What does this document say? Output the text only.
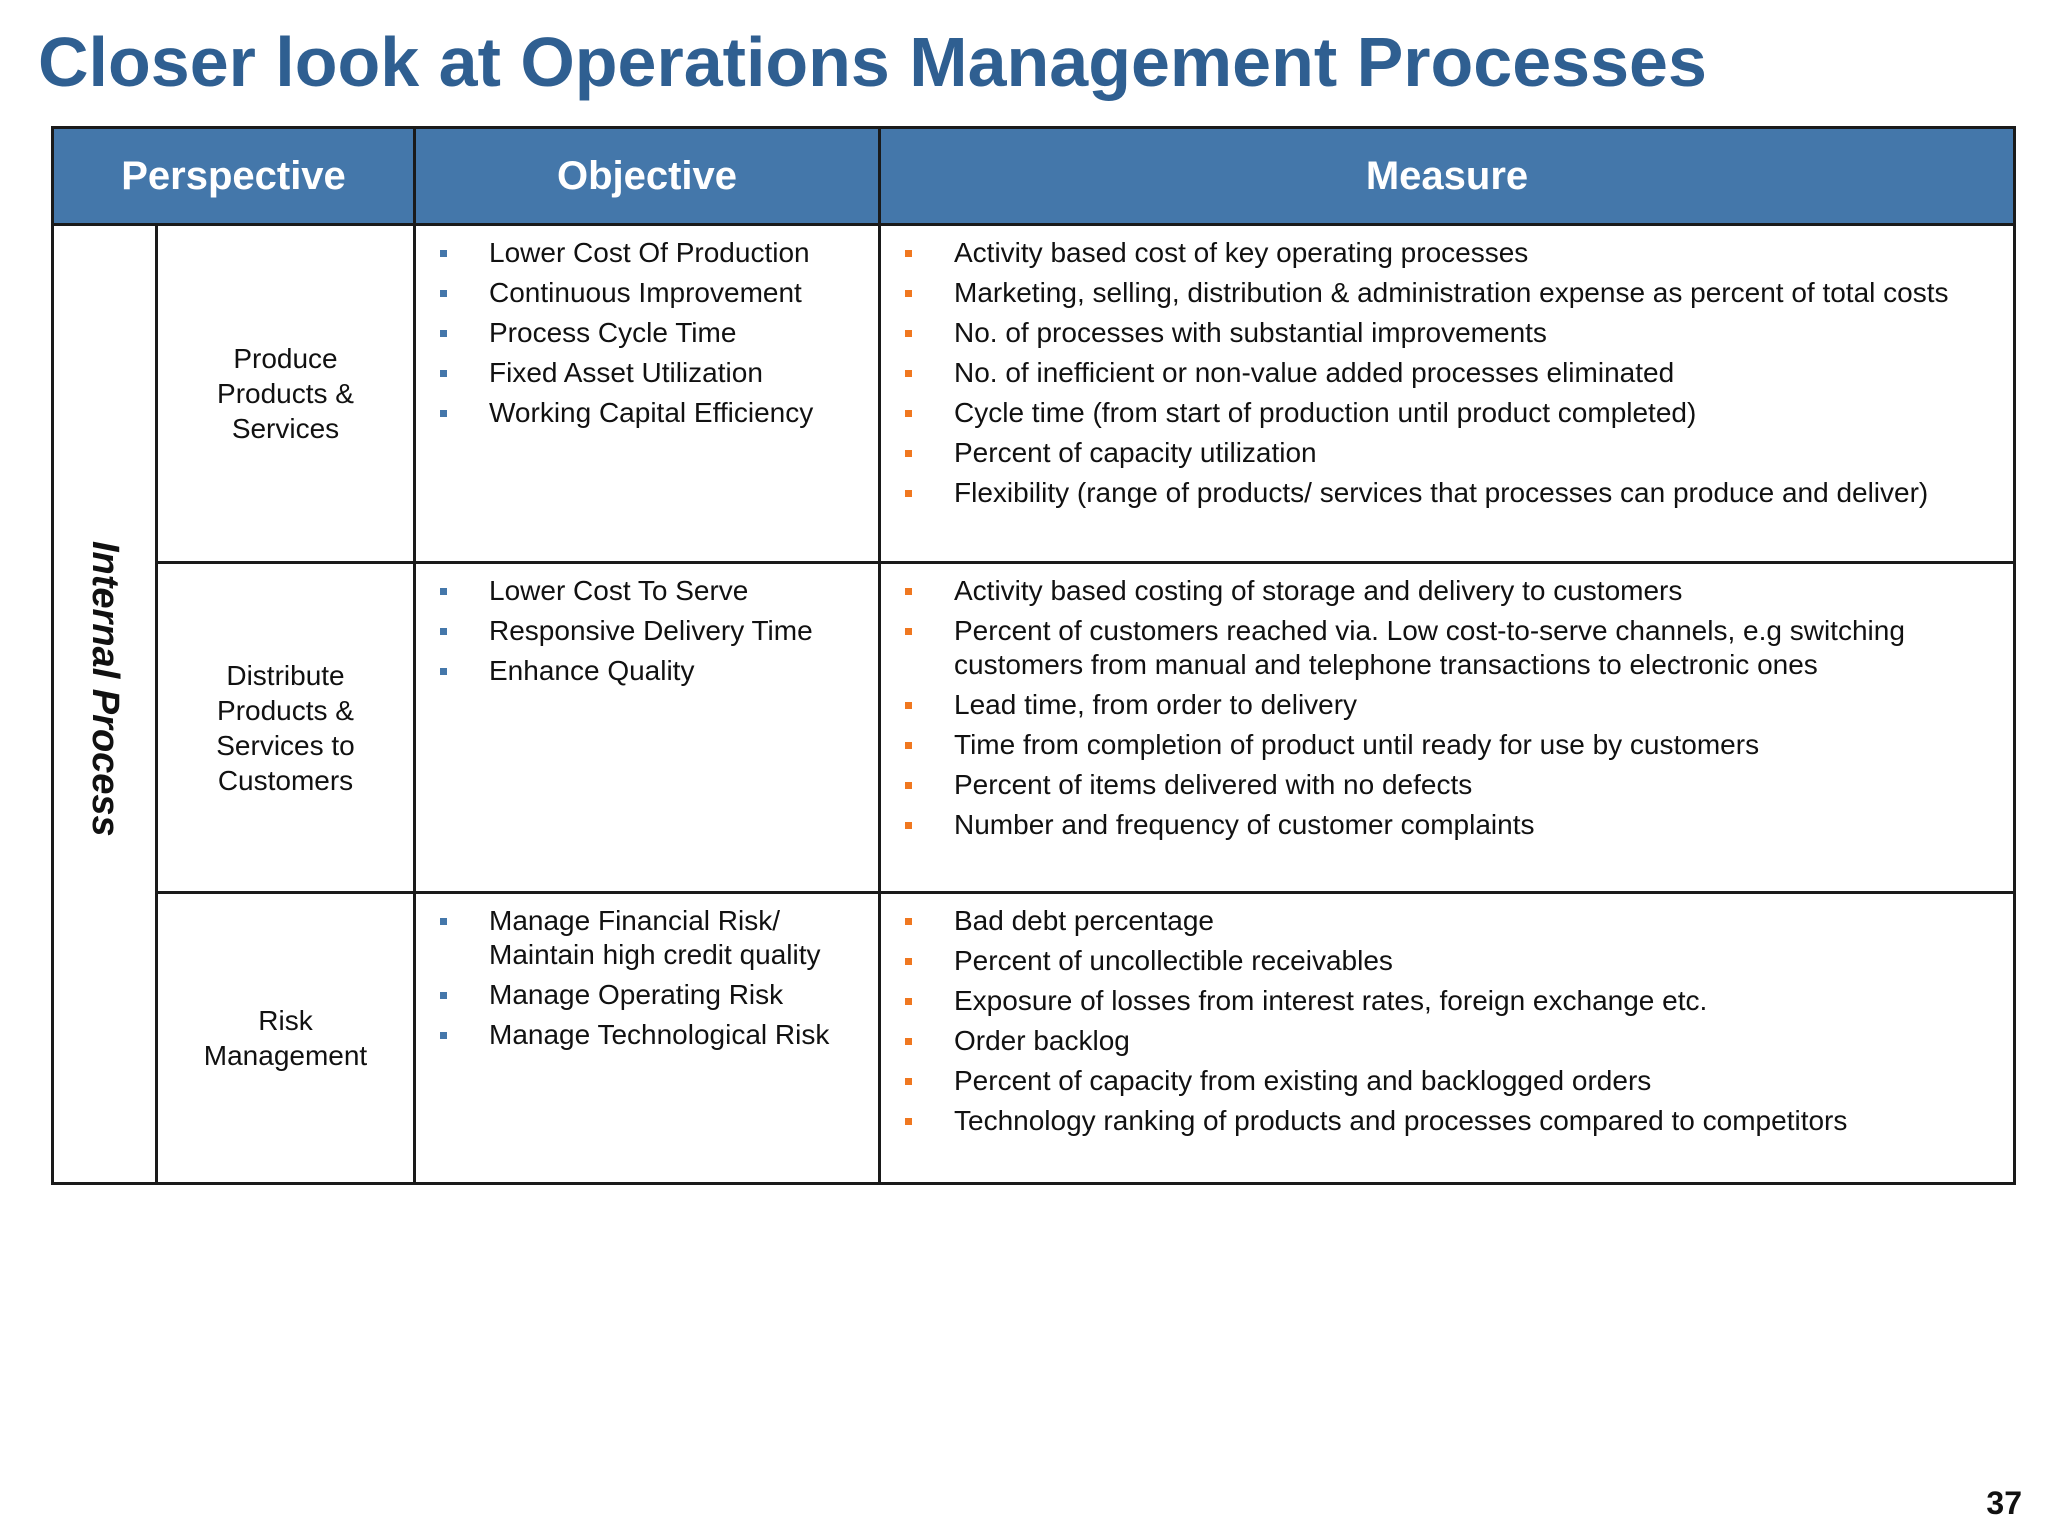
Closer look at Operations Management Processes
Perspective	Objective	Measure
Internal Process
Produce Products & Services
Lower Cost Of Production
Continuous Improvement
Process Cycle Time
Fixed Asset Utilization
Working Capital Efficiency
Activity based cost of key operating processes
Marketing, selling, distribution & administration expense as percent of total costs
No. of processes with substantial improvements
No. of inefficient or non-value added processes eliminated
Cycle time (from start of production until product completed)
Percent of capacity utilization
Flexibility (range of products/ services that processes can produce and deliver)
Distribute Products & Services to Customers
Lower Cost To Serve
Responsive Delivery Time
Enhance Quality
Activity based costing of storage and delivery to customers
Percent of customers reached via. Low cost-to-serve channels, e.g switching customers from manual and telephone transactions to electronic ones
Lead time, from order to delivery
Time from completion of product until ready for use by customers
Percent of items delivered with no defects
Number and frequency of customer complaints
Risk Management
Manage Financial Risk/ Maintain high credit quality
Manage Operating Risk
Manage Technological Risk
Bad debt percentage
Percent of uncollectible receivables
Exposure of losses from interest rates, foreign exchange etc.
Order backlog
Percent of capacity from existing and backlogged orders
Technology ranking of products and processes compared to competitors
37
